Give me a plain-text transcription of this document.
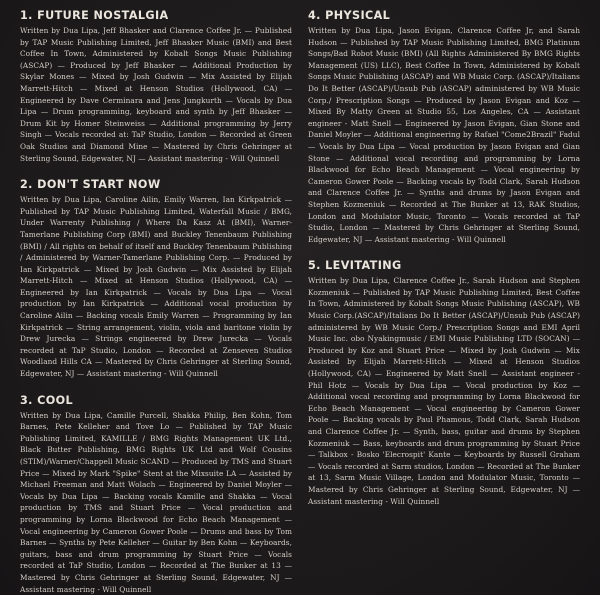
1. FUTURE NOSTALGIA

Written by Dua Lipa, Jeff Bhasker and Clarence Coffee Jr. — Published by TAP Music Publishing Limited, Jeff Bhasker Music (BMI) and Best Coffee In Town, Administered by Kobalt Songs Music Publishing (ASCAP) — Produced by Jeff Bhasker — Additional Production by Skylar Mones — Mixed by Josh Gudwin — Mix Assisted by Elijah Marrett-Hitch — Mixed at Henson Studios (Hollywood, CA) — Engineered by Dave Cerminara and Jens Jungkurth — Vocals by Dua Lipa — Drum programming, keyboard and synth by Jeff Bhasker — Drum Kit by Homer Steinweiss — Additional programming by Jerry Singh — Vocals recorded at: TaP Studio, London — Recorded at Green Oak Studios and Diamond Mine — Mastered by Chris Gehringer at Sterling Sound, Edgewater, NJ — Assistant mastering - Will Quinnell

2. DON'T START NOW

Written by Dua Lipa, Caroline Ailin, Emily Warren, Ian Kirkpatrick — Published by TAP Music Publishing Limited, Waterfall Music / BMG, Under Warrenty Publishing / Where Da Kasz At (BMI), Warner-Tamerlane Publishing Corp (BMI) and Buckley Tenenbaum Publishing (BMI) / All rights on behalf of itself and Buckley Tenenbaum Publishing / Administered by Warner-Tamerlane Publishing Corp. — Produced by Ian Kirkpatrick — Mixed by Josh Gudwin — Mix Assisted by Elijah Marrett-Hitch — Mixed at Henson Studios (Hollywood, CA) — Engineered by Ian Kirkpatrick — Vocals by Dua Lipa — Vocal production by Ian Kirkpatrick — Additional vocal production by Caroline Ailin — Backing vocals Emily Warren — Programming by Ian Kirkpatrick — String arrangement, violin, viola and baritone violin by Drew Jurecka — Strings engineered by Drew Jurecka — Vocals recorded at TaP Studio, London — Recorded at Zenseven Studios Woodland Hills CA — Mastered by Chris Gehringer at Sterling Sound, Edgewater, NJ — Assistant mastering - Will Quinnell

3. COOL

Written by Dua Lipa, Camille Purcell, Shakka Philip, Ben Kohn, Tom Barnes, Pete Kelleher and Tove Lo — Published by TAP Music Publishing Limited, KAMILLE / BMG Rights Management UK Ltd., Black Butter Publishing, BMG Rights UK Ltd and Wolf Cousins (STIM)/Warner/Chappell Music SCAND — Produced by TMS and Stuart Price — Mixed by Mark "Spike" Stent at the Mixsuite LA — Assisted by Michael Freeman and Matt Wolach — Engineered by Daniel Moyler — Vocals by Dua Lipa — Backing vocals Kamille and Shakka — Vocal production by TMS and Stuart Price — Vocal production and programming by Lorna Blackwood for Echo Beach Management — Vocal engineering by Cameron Gower Poole — Drums and bass by Tom Barnes — Synths by Pete Kelleher — Guitar by Ben Kohn — Keyboards, guitars, bass and drum programming by Stuart Price — Vocals recorded at TaP Studio, London — Recorded at The Bunker at 13 — Mastered by Chris Gehringer at Sterling Sound, Edgewater, NJ — Assistant mastering - Will Quinnell

4. PHYSICAL

Written by Dua Lipa, Jason Evigan, Clarence Coffee Jr, and Sarah Hudson — Published by TAP Music Publishing Limited, BMG Platinum Songs/Bad Robot Music (BMI) (All Rights Administered By BMG Rights Management (US) LLC), Best Coffee In Town, Administered by Kobalt Songs Music Publishing (ASCAP) and WB Music Corp. (ASCAP)/Italians Do It Better (ASCAP)/Unsub Pub (ASCAP) administered by WB Music Corp./ Prescription Songs — Produced by Jason Evigan and Koz — Mixed By Matty Green at Studio 55, Los Angeles, CA — Assistant engineer - Matt Snell — Engineered by Jason Evigan, Gian Stone and Daniel Moyler — Additional engineering by Rafael "Come2Brazil" Fadul — Vocals by Dua Lipa — Vocal production by Jason Evigan and Gian Stone — Additional vocal recording and programming by Lorna Blackwood for Echo Beach Management — Vocal engineering by Cameron Gower Poole — Backing vocals by Todd Clark, Sarah Hudson and Clarence Coffee Jr. — Synths and drums by Jason Evigan and Stephen Kozmeniuk — Recorded at The Bunker at 13, RAK Studios, London and Modulator Music, Toronto — Vocals recorded at TaP Studio, London — Mastered by Chris Gehringer at Sterling Sound, Edgewater, NJ — Assistant mastering - Will Quinnell

5. LEVITATING

Written by Dua Lipa, Clarence Coffee Jr., Sarah Hudson and Stephen Kozmeniuk — Published by TAP Music Publishing Limited, Best Coffee In Town, Administered by Kobalt Songs Music Publishing (ASCAP), WB Music Corp.(ASCAP)/Italians Do It Better (ASCAP)/Unsub Pub (ASCAP) administered by WB Music Corp./ Prescription Songs and EMI April Music Inc. obo Nyakingmusic / EMI Music Publishing LTD (SOCAN) — Produced by Koz and Stuart Price — Mixed by Josh Gudwin — Mix Assisted by Elijah Marrett-Hitch — Mixed at Henson Studios (Hollywood, CA) — Engineered by Matt Snell — Assistant engineer - Phil Hotz — Vocals by Dua Lipa — Vocal production by Koz — Additional vocal recording and programming by Lorna Blackwood for Echo Beach Management — Vocal engineering by Cameron Gower Poole — Backing vocals by Paul Phamous, Todd Clark, Sarah Hudson and Clarence Coffee Jr. — Synth, bass, guitar and drums by Stephen Kozmeniuk — Bass, keyboards and drum programming by Stuart Price — Talkbox - Bosko 'Elecrospit' Kante — Keyboards by Russell Graham — Vocals recorded at Sarm studios, London — Recorded at The Bunker at 13, Sarm Music Village, London and Modulator Music, Toronto — Mastered by Chris Gehringer at Sterling Sound, Edgewater, NJ — Assistant mastering - Will Quinnell
